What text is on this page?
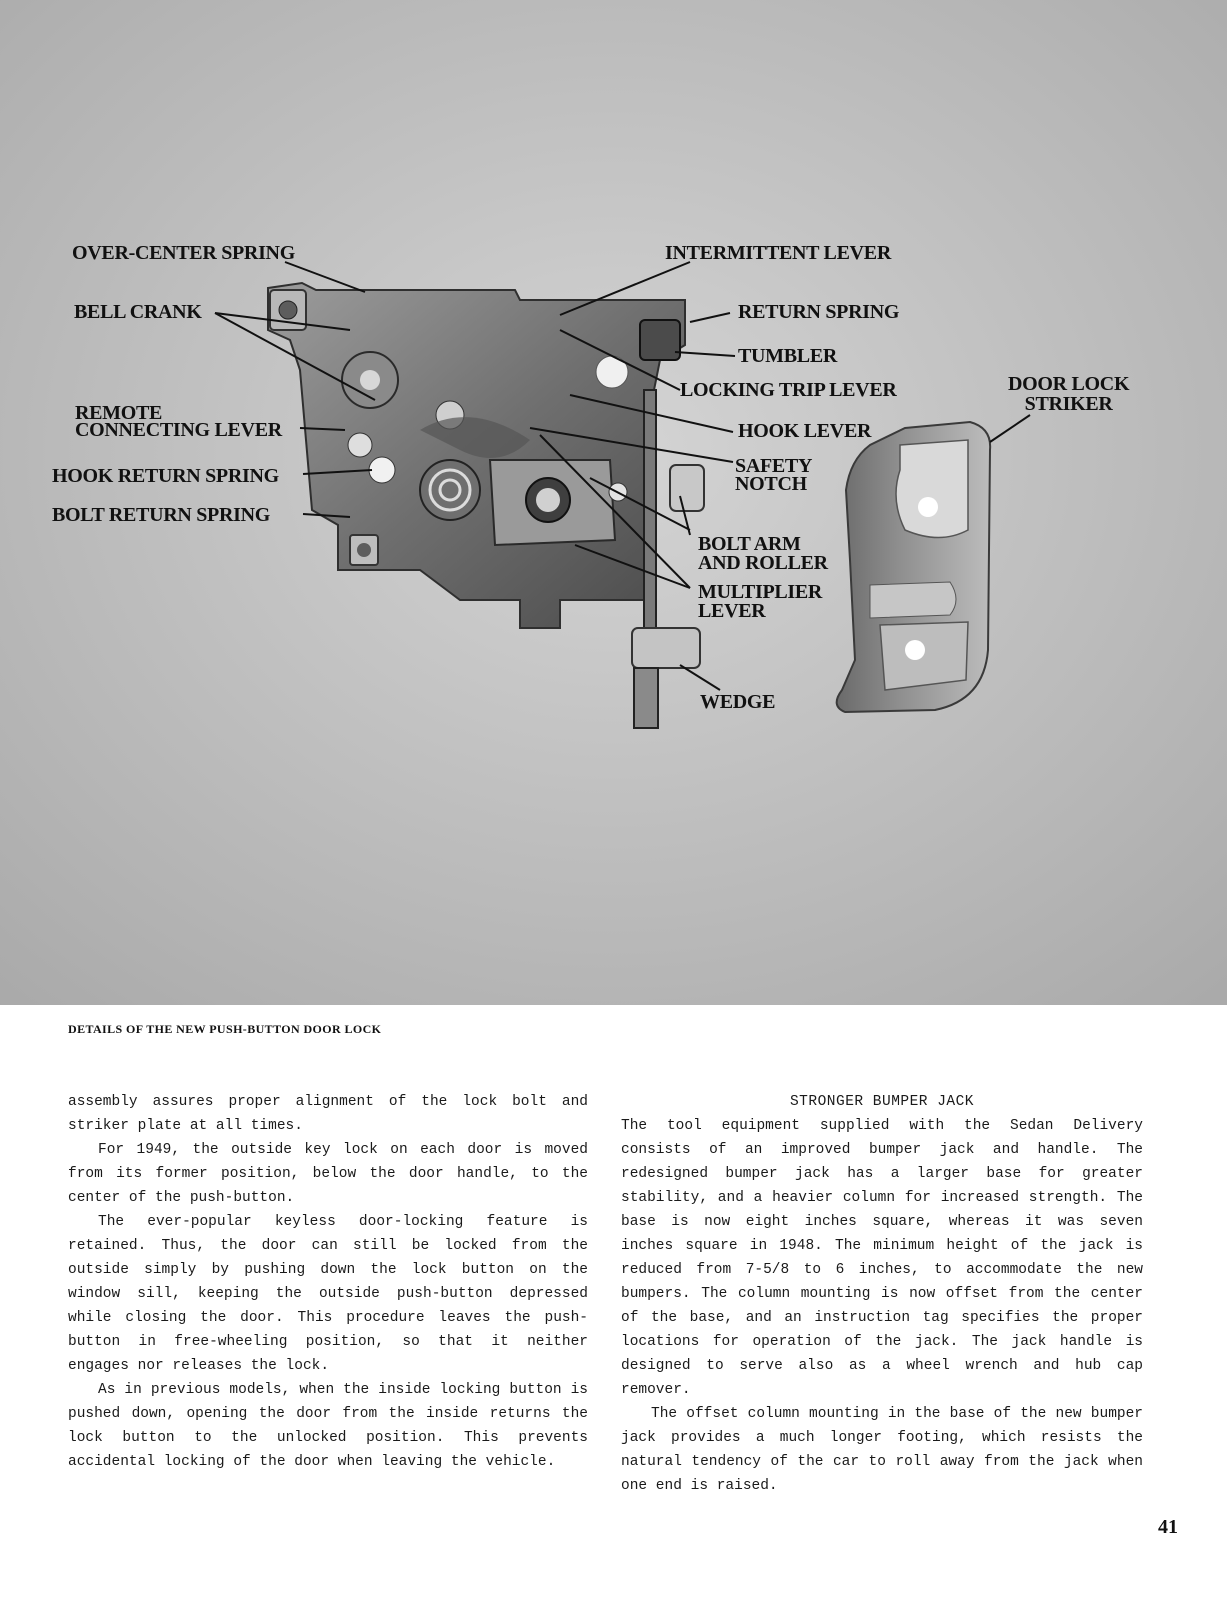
OVER-CENTER SPRING	INTERMITTENT LEVER
BELL CRANK	RETURN SPRING
TUMBLER
LOCKING TRIP LEVER
REMOTE
CONNECTING LEVER	HOOK LEVER
SAFETY
NOTCH
HOOK RETURN SPRING
BOLT RETURN SPRING
BOLT ARM
AND ROLLER
MULTIPLIER
LEVER
WEDGE
DOOR LOCK
STRIKER
DETAILS OF THE NEW PUSH-BUTTON DOOR LOCK

assembly assures proper alignment of the lock bolt and striker plate at all times.

For 1949, the outside key lock on each door is moved from its former position, below the door handle, to the center of the push-button.

The ever-popular keyless door-locking feature is retained. Thus, the door can still be locked from the outside simply by pushing down the lock button on the window sill, keeping the outside push-button depressed while closing the door. This procedure leaves the push-button in free-wheeling position, so that it neither engages nor releases the lock.

As in previous models, when the inside locking button is pushed down, opening the door from the inside returns the lock button to the unlocked position. This prevents accidental locking of the door when leaving the vehicle.

STRONGER BUMPER JACK

The tool equipment supplied with the Sedan Delivery consists of an improved bumper jack and handle. The redesigned bumper jack has a larger base for greater stability, and a heavier column for increased strength. The base is now eight inches square, whereas it was seven inches square in 1948. The minimum height of the jack is reduced from 7-5/8 to 6 inches, to accommodate the new bumpers. The column mounting is now offset from the center of the base, and an instruction tag specifies the proper locations for operation of the jack. The jack handle is designed to serve also as a wheel wrench and hub cap remover.

The offset column mounting in the base of the new bumper jack provides a much longer footing, which resists the natural tendency of the car to roll away from the jack when one end is raised.

41
